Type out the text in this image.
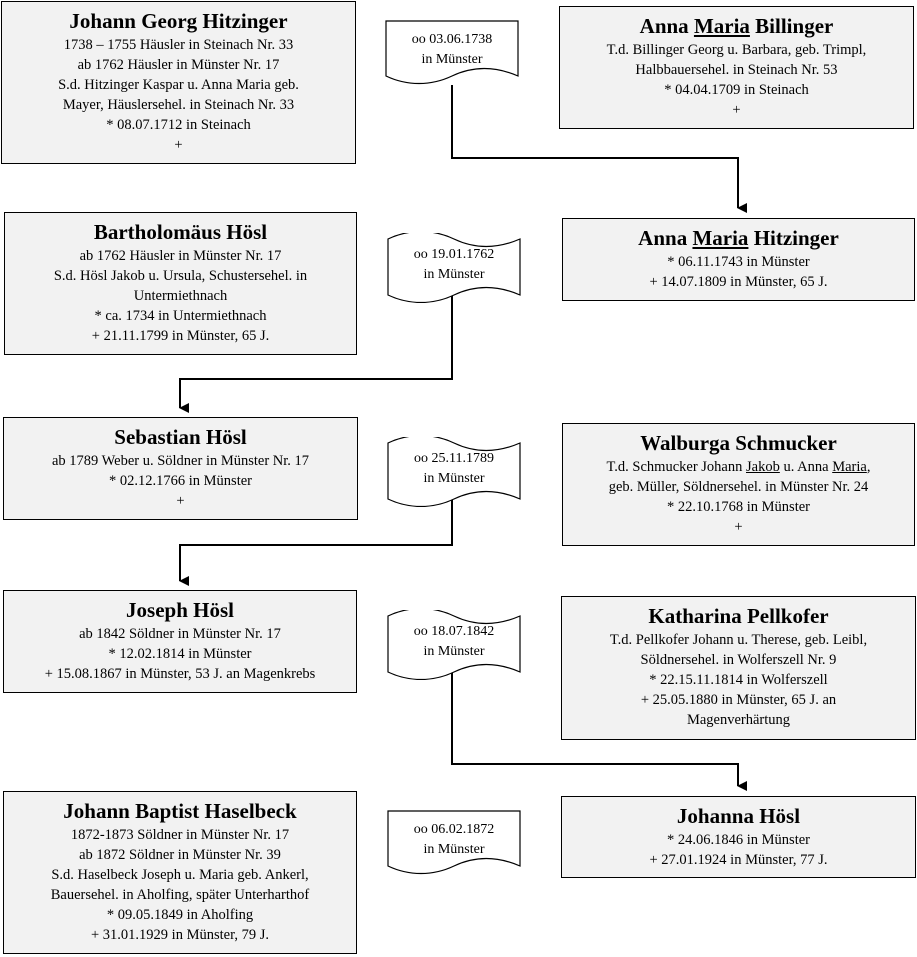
Johann Georg Hitzinger
1738 – 1755 Häusler in Steinach Nr. 33
ab 1762 Häusler in Münster Nr. 17
S.d. Hitzinger Kaspar u. Anna Maria geb.
Mayer, Häuslersehel. in Steinach Nr. 33
* 08.07.1712 in Steinach
+
Anna Maria Billinger
T.d. Billinger Georg u. Barbara, geb. Trimpl,
Halbbauersehel. in Steinach Nr. 53
* 04.04.1709 in Steinach
+
Bartholomäus Hösl
ab 1762 Häusler in Münster Nr. 17
S.d. Hösl Jakob u. Ursula, Schustersehel. in
Untermiethnach
* ca. 1734 in Untermiethnach
+ 21.11.1799 in Münster, 65 J.
Anna Maria Hitzinger
* 06.11.1743 in Münster
+ 14.07.1809 in Münster, 65 J.
Sebastian Hösl
ab 1789 Weber u. Söldner in Münster Nr. 17
* 02.12.1766 in Münster
+
Walburga Schmucker
T.d. Schmucker Johann Jakob u. Anna Maria,
geb. Müller, Söldnersehel. in Münster Nr. 24
* 22.10.1768 in Münster
+
Joseph Hösl
ab 1842 Söldner in Münster Nr. 17
* 12.02.1814 in Münster
+ 15.08.1867 in Münster, 53 J. an Magenkrebs
Katharina Pellkofer
T.d. Pellkofer Johann u. Therese, geb. Leibl,
Söldnersehel. in Wolferszell Nr. 9
* 22.15.11.1814 in Wolferszell
+ 25.05.1880 in Münster, 65 J. an
Magenverhärtung
Johann Baptist Haselbeck
1872-1873 Söldner in Münster Nr. 17
ab 1872 Söldner in Münster Nr. 39
S.d. Haselbeck Joseph u. Maria geb. Ankerl,
Bauersehel. in Aholfing, später Unterharthof
* 09.05.1849 in Aholfing
+ 31.01.1929 in Münster, 79 J.
Johanna Hösl
* 24.06.1846 in Münster
+ 27.01.1924 in Münster, 77 J.
oo 03.06.1738
in Münster
oo 19.01.1762
in Münster
oo 25.11.1789
in Münster
oo 18.07.1842
in Münster
oo 06.02.1872
in Münster
